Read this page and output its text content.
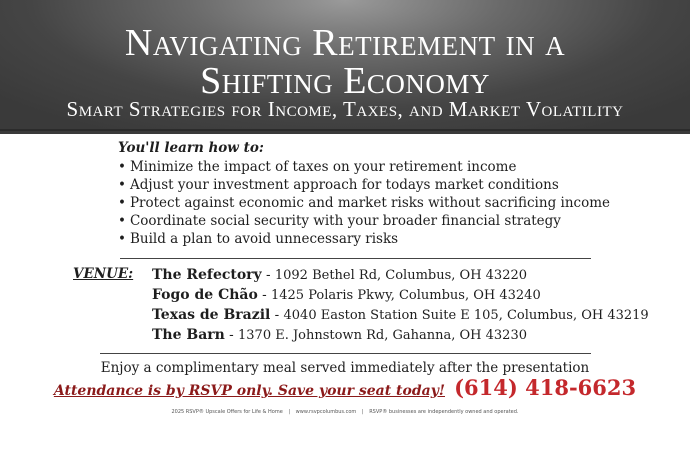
Navigating Retirement in a
Shifting Economy
Smart Strategies for Income, Taxes, and Market Volatility
You'll learn how to:
• Minimize the impact of taxes on your retirement income
• Adjust your investment approach for todays market conditions
• Protect against economic and market risks without sacrificing income
• Coordinate social security with your broader financial strategy
• Build a plan to avoid unnecessary risks
VENUE: The Refectory - 1092 Bethel Rd, Columbus, OH 43220
Fogo de Chão - 1425 Polaris Pkwy, Columbus, OH 43240
Texas de Brazil - 4040 Easton Station Suite E 105, Columbus, OH 43219
The Barn - 1370 E. Johnstown Rd, Gahanna, OH 43230
Enjoy a complimentary meal served immediately after the presentation
Attendance is by RSVP only. Save your seat today! (614) 418-6623
2025 RSVP® Upscale Offers for Life & Home | www.rsvpcolumbus.com | RSVP® businesses are independently owned and operated.
